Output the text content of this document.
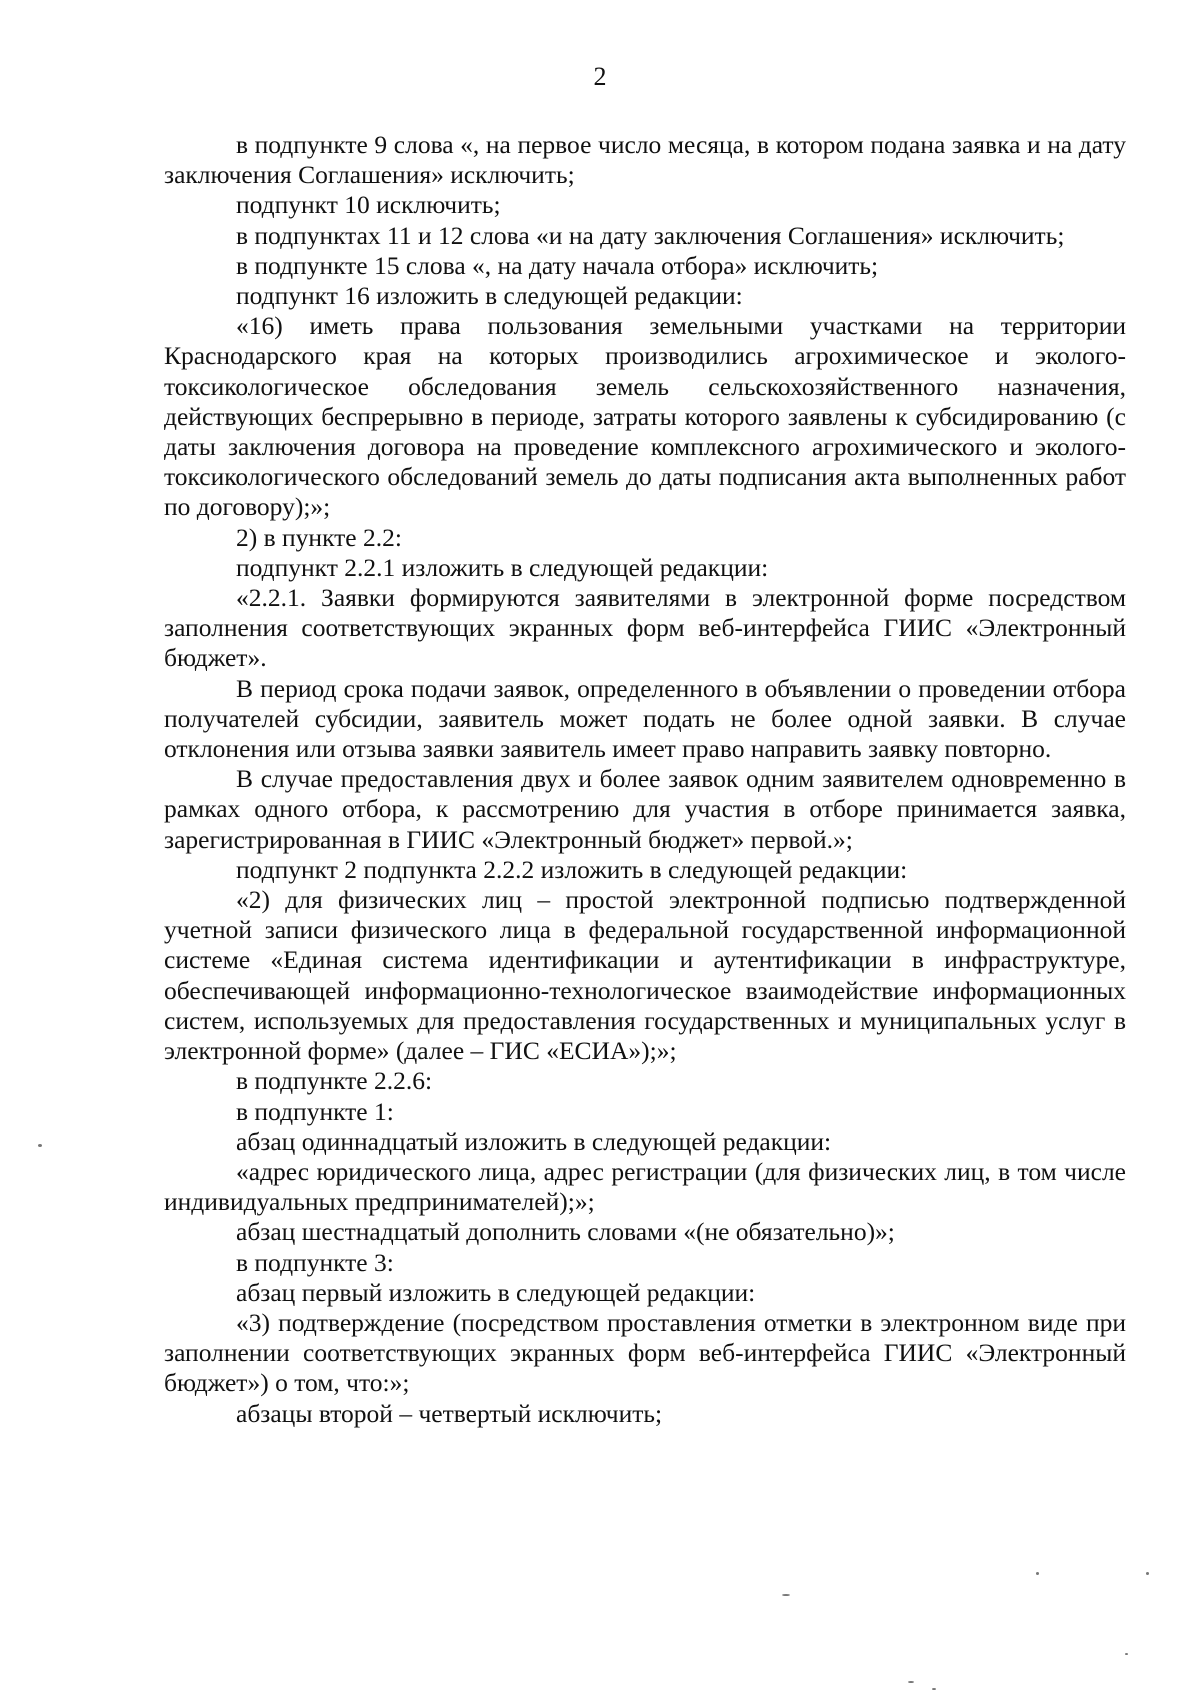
2

в подпункте 9 слова «, на первое число месяца, в котором подана заявка и на дату заключения Соглашения» исключить;

подпункт 10 исключить;

в подпунктах 11 и 12 слова «и на дату заключения Соглашения» исключить;

в подпункте 15 слова «, на дату начала отбора» исключить;

подпункт 16 изложить в следующей редакции:

«16) иметь права пользования земельными участками на территории Краснодарского края на которых производились агрохимическое и эколого-токсикологическое обследования земель сельскохозяйственного назначения, действующих беспрерывно в периоде, затраты которого заявлены к субсидированию (с даты заключения договора на проведение комплексного агрохимического и эколого-токсикологического обследований земель до даты подписания акта выполненных работ по договору);»;

2) в пункте 2.2:

подпункт 2.2.1 изложить в следующей редакции:

«2.2.1. Заявки формируются заявителями в электронной форме посредством заполнения соответствующих экранных форм веб-интерфейса ГИИС «Электронный бюджет».

В период срока подачи заявок, определенного в объявлении о проведении отбора получателей субсидии, заявитель может подать не более одной заявки. В случае отклонения или отзыва заявки заявитель имеет право направить заявку повторно.

В случае предоставления двух и более заявок одним заявителем одновременно в рамках одного отбора, к рассмотрению для участия в отборе принимается заявка, зарегистрированная в ГИИС «Электронный бюджет» первой.»;

подпункт 2 подпункта 2.2.2 изложить в следующей редакции:

«2) для физических лиц – простой электронной подписью подтвержденной учетной записи физического лица в федеральной государственной информационной системе «Единая система идентификации и аутентификации в инфраструктуре, обеспечивающей информационно-технологическое взаимодействие информационных систем, используемых для предоставления государственных и муниципальных услуг в электронной форме» (далее – ГИС «ЕСИА»);»;

в подпункте 2.2.6:

в подпункте 1:

абзац одиннадцатый изложить в следующей редакции:

«адрес юридического лица, адрес регистрации (для физических лиц, в том числе индивидуальных предпринимателей);»;

абзац шестнадцатый дополнить словами «(не обязательно)»;

в подпункте 3:

абзац первый изложить в следующей редакции:

«3) подтверждение (посредством проставления отметки в электронном виде при заполнении соответствующих экранных форм веб-интерфейса ГИИС «Электронный бюджет») о том, что:»;

абзацы второй – четвертый исключить;
